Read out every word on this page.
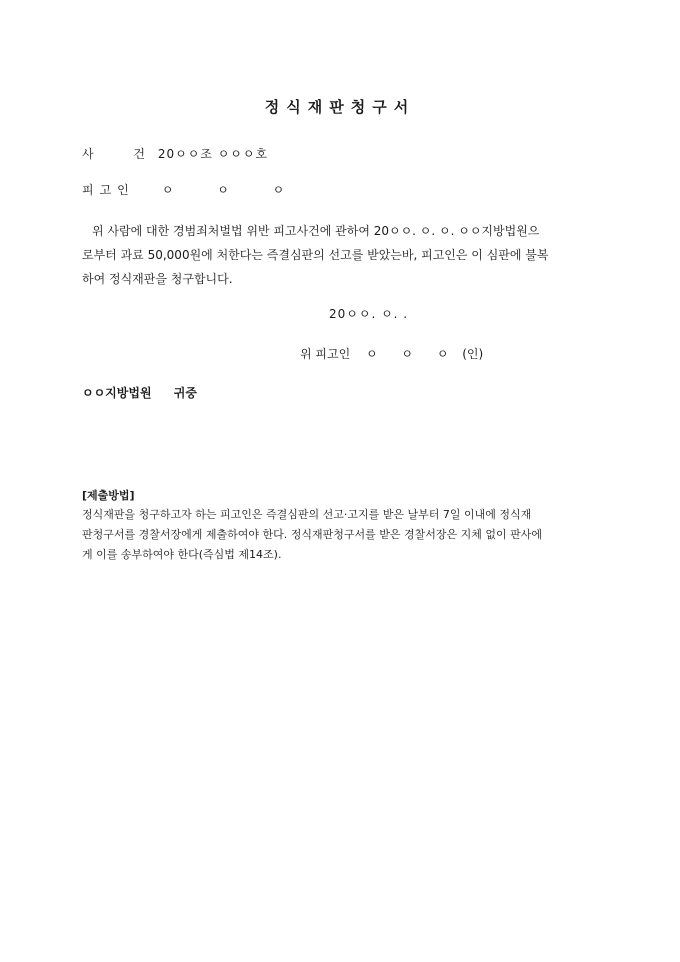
정식재판청구서
사 건 20ㅇㅇ조 ㅇㅇㅇ호
피고인 ㅇ ㅇ ㅇ
위 사람에 대한 경범죄처벌법 위반 피고사건에 관하여 20ㅇㅇ. ㅇ. ㅇ. ㅇㅇ지방법원으
로부터 과료 50,000원에 처한다는 즉결심판의 선고를 받았는바, 피고인은 이 심판에 불복
하여 정식재판을 청구합니다.
20ㅇㅇ. ㅇ. .
위 피고인 ㅇ ㅇ ㅇ (인)
ㅇㅇ지방법원 귀중
[제출방법]
정식재판을 청구하고자 하는 피고인은 즉결심판의 선고·고지를 받은 날부터 7일 이내에 정식재
판청구서를 경찰서장에게 제출하여야 한다. 정식재판청구서를 받은 경찰서장은 지체 없이 판사에
게 이를 송부하여야 한다(즉심법 제14조).
